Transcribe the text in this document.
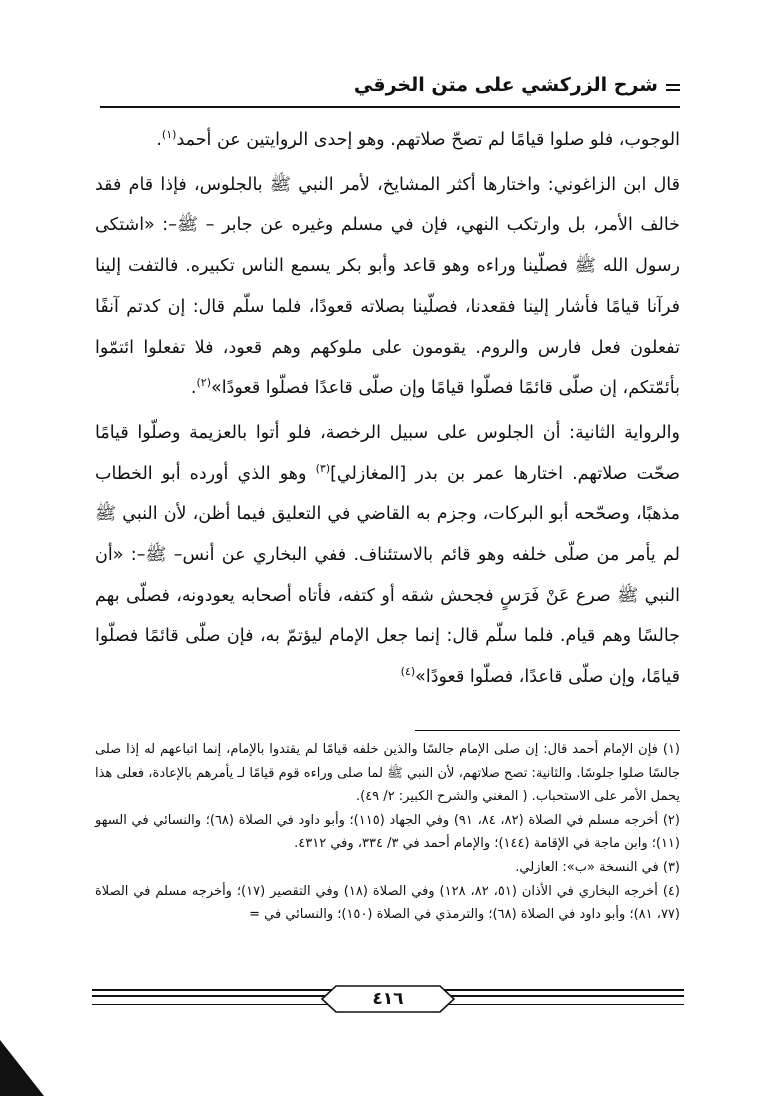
شرح الزركشي على متن الخرقي

الوجوب، فلو صلوا قيامًا لم تصحّ صلاتهم. وهو إحدى الروايتين عن أحمد$^{(١)}$.

قال ابن الزاغوني: واختارها أكثر المشايخ، لأمر النبي ﷺ بالجلوس، فإذا قام فقد خالف الأمر، بل وارتكب النهي، فإن في مسلم وغيره عن جابر – ﷺ–: «اشتكى رسول الله ﷺ فصلّينا وراءه وهو قاعد وأبو بكر يسمع الناس تكبيره. فالتفت إلينا فرآنا قيامًا فأشار إلينا فقعدنا، فصلّينا بصلاته قعودًا، فلما سلّم قال: إن كدتم آنفًا تفعلون فعل فارس والروم. يقومون على ملوكهم وهم قعود، فلا تفعلوا ائتمّوا بأئمّتكم، إن صلّى قائمًا فصلّوا قيامًا وإن صلّى قاعدًا فصلّوا قعودًا»$^{(٢)}$.

والرواية الثانية: أن الجلوس على سبيل الرخصة، فلو أتوا بالعزيمة وصلّوا قيامًا صحّت صلاتهم. اختارها عمر بن بدر [المغازلي]$^{(٣)}$ وهو الذي أورده أبو الخطاب مذهبًا، وصحّحه أبو البركات، وجزم به القاضي في التعليق فيما أظن، لأن النبي ﷺ لم يأمر من صلّى خلفه وهو قائم بالاستئناف. ففي البخاري عن أنس– ﷺ–: «أن النبي ﷺ صرع عَنْ فَرَسٍ فجحش شقه أو كتفه، فأتاه أصحابه يعودونه، فصلّى بهم جالسًا وهم قيام. فلما سلّم قال: إنما جعل الإمام ليؤتمّ به، فإن صلّى قائمًا فصلّوا قيامًا، وإن صلّى قاعدًا، فصلّوا قعودًا»$^{(٤)}$

(١) فإن الإمام أحمد قال: إن صلى الإمام جالسًا والذين خلفه قيامًا لم يقتدوا بالإمام، إنما اتباعهم له إذا صلى جالسًا صلوا جلوسًا. والثانية: تصح صلاتهم، لأن النبي ﷺ لما صلى وراءه قوم قيامًا لـ يأمرهم بالإعادة، فعلى هذا يحمل الأمر على الاستحباب. ( المغني والشرح الكبير: ٢/ ٤٩).

(٢) أخرجه مسلم في الصلاة (٨٢، ٨٤، ٩١) وفي الجهاد (١١٥)؛ وأبو داود في الصلاة (٦٨)؛ والنسائي في السهو (١١)؛ وابن ماجة في الإقامة (١٤٤)؛ والإمام أحمد في ٣/ ٣٣٤، وفي ٤٣١٢.

(٣) في النسخة «ب»: العازلي.

(٤) أخرجه البخاري في الأذان (٥١، ٨٢، ١٢٨) وفي الصلاة (١٨) وفي التقصير (١٧)؛ وأخرجه مسلم في الصلاة (٧٧، ٨١)؛ وأبو داود في الصلاة (٦٨)؛ والترمذي في الصلاة (١٥٠)؛ والنسائي في =

٤١٦
